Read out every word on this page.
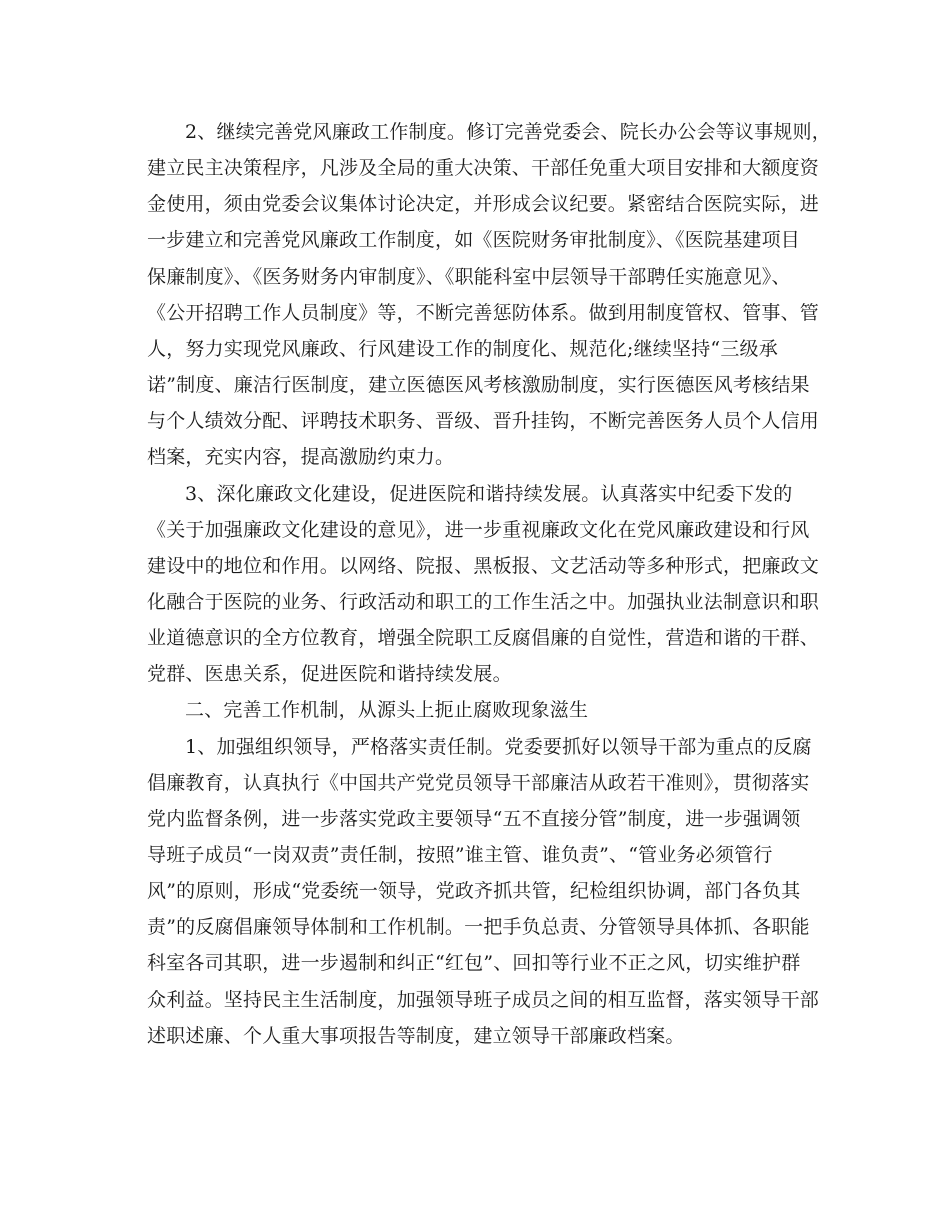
2、继续完善党风廉政工作制度。修订完善党委会、院长办公会等议事规则，
建立民主决策程序，凡涉及全局的重大决策、干部任免重大项目安排和大额度资
金使用，须由党委会议集体讨论决定，并形成会议纪要。紧密结合医院实际，进
一步建立和完善党风廉政工作制度，如《医院财务审批制度》、《医院基建项目
保廉制度》、《医务财务内审制度》、《职能科室中层领导干部聘任实施意见》、
《公开招聘工作人员制度》等，不断完善惩防体系。做到用制度管权、管事、管
人，努力实现党风廉政、行风建设工作的制度化、规范化;继续坚持“三级承
诺”制度、廉洁行医制度，建立医德医风考核激励制度，实行医德医风考核结果
与个人绩效分配、评聘技术职务、晋级、晋升挂钩，不断完善医务人员个人信用
档案，充实内容，提高激励约束力。
3、深化廉政文化建设，促进医院和谐持续发展。认真落实中纪委下发的
《关于加强廉政文化建设的意见》，进一步重视廉政文化在党风廉政建设和行风
建设中的地位和作用。以网络、院报、黑板报、文艺活动等多种形式，把廉政文
化融合于医院的业务、行政活动和职工的工作生活之中。加强执业法制意识和职
业道德意识的全方位教育，增强全院职工反腐倡廉的自觉性，营造和谐的干群、
党群、医患关系，促进医院和谐持续发展。
二、完善工作机制，从源头上扼止腐败现象滋生
1、加强组织领导，严格落实责任制。党委要抓好以领导干部为重点的反腐
倡廉教育，认真执行《中国共产党党员领导干部廉洁从政若干准则》，贯彻落实
党内监督条例，进一步落实党政主要领导“五不直接分管”制度，进一步强调领
导班子成员“一岗双责”责任制，按照”谁主管、谁负责”、“管业务必须管行
风”的原则，形成“党委统一领导，党政齐抓共管，纪检组织协调，部门各负其
责”的反腐倡廉领导体制和工作机制。一把手负总责、分管领导具体抓、各职能
科室各司其职，进一步遏制和纠正“红包”、回扣等行业不正之风，切实维护群
众利益。坚持民主生活制度，加强领导班子成员之间的相互监督，落实领导干部
述职述廉、个人重大事项报告等制度，建立领导干部廉政档案。
